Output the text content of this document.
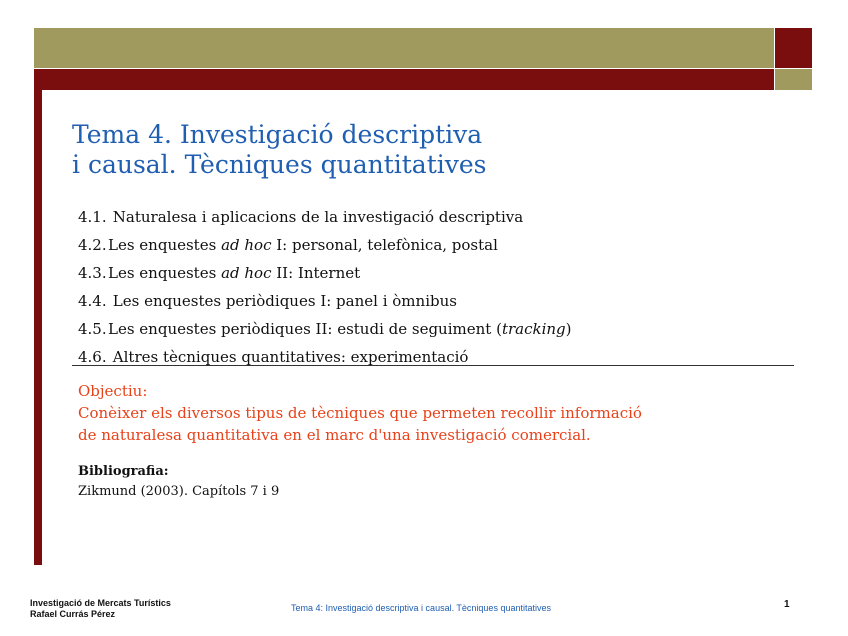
Tema 4. Investigació descriptiva
i causal. Tècniques quantitatives
4.1. Naturalesa i aplicacions de la investigació descriptiva
4.2.Les enquestes ad hoc I: personal, telefònica, postal
4.3.Les enquestes ad hoc II: Internet
4.4. Les enquestes periòdiques I: panel i òmnibus
4.5.Les enquestes periòdiques II: estudi de seguiment (tracking)
4.6. Altres tècniques quantitatives: experimentació
Objectiu:
Conèixer els diversos tipus de tècniques que permeten recollir informació
de naturalesa quantitativa en el marc d'una investigació comercial.
Bibliografia:
Zikmund (2003). Capítols 7 i 9
Investigació de Mercats Turístics
Rafael Currás Pérez
Tema 4: Investigació descriptiva i causal. Tècniques quantitatives	1
